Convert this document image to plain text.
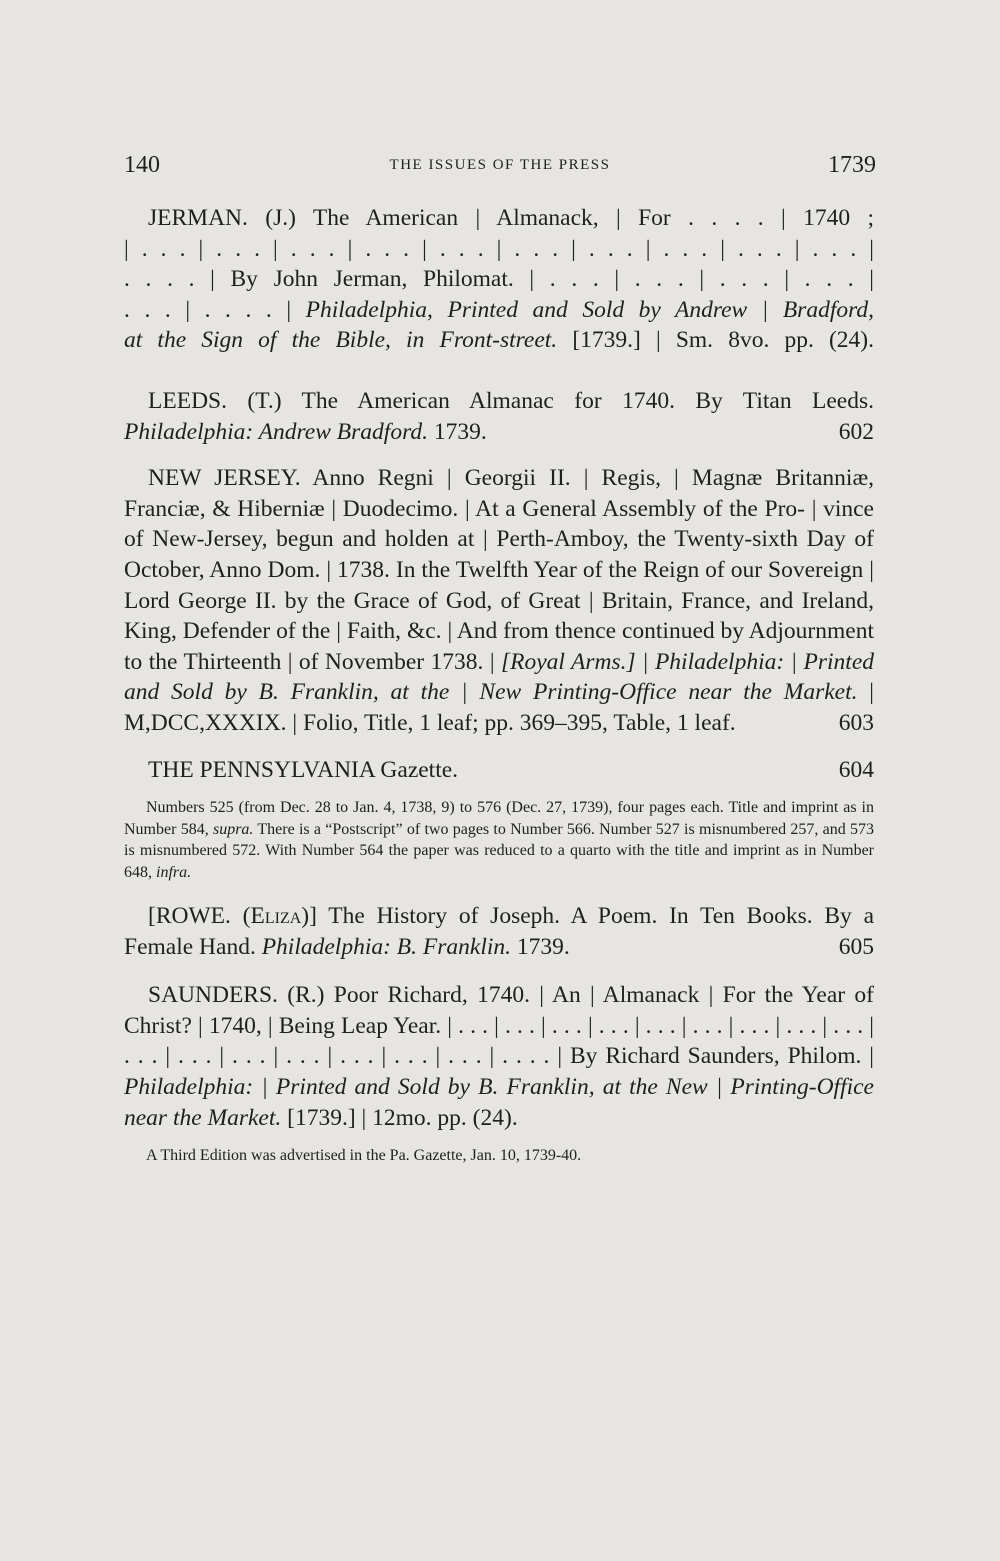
140	THE ISSUES OF THE PRESS	1739
JERMAN. (J.) The American | Almanack, | For . . . . | 1740 ;
| . . . | . . . | . . . | . . . | . . . | . . . | . . . | . . . | . . . | . . . |
. . . . | By John Jerman, Philomat. | . . . | . . . | . . . | . . . |
. . . | . . . . | Philadelphia, Printed and Sold by Andrew | Bradford,
at the Sign of the Bible, in Front-street. [1739.] | Sm. 8vo. pp. (24).

LEEDS. (T.) The American Almanac for 1740. By Titan Leeds. Philadelphia: Andrew Bradford. 1739.	602

NEW JERSEY. Anno Regni | Georgii II. | Regis, | Magnæ Britanniæ, Franciæ, & Hiberniæ | Duodecimo. | At a General Assembly of the Pro- | vince of New-Jersey, begun and holden at | Perth-Amboy, the Twenty-sixth Day of October, Anno Dom. | 1738. In the Twelfth Year of the Reign of our Sovereign | Lord George II. by the Grace of God, of Great | Britain, France, and Ireland, King, Defender of the | Faith, &c. | And from thence continued by Adjournment to the Thirteenth | of November 1738. | [Royal Arms.] | Philadelphia: | Printed and Sold by B. Franklin, at the | New Printing-Office near the Market. | M,DCC,XXXIX. | Folio, Title, 1 leaf; pp. 369–395, Table, 1 leaf.	603

THE PENNSYLVANIA Gazette.	604

Numbers 525 (from Dec. 28 to Jan. 4, 1738, 9) to 576 (Dec. 27, 1739), four pages each. Title and imprint as in Number 584, supra. There is a “Postscript” of two pages to Number 566. Number 527 is misnumbered 257, and 573 is misnumbered 572. With Number 564 the paper was reduced to a quarto with the title and imprint as in Number 648, infra.

[ROWE. (Eliza)] The History of Joseph. A Poem. In Ten Books. By a Female Hand. Philadelphia: B. Franklin. 1739.	605

SAUNDERS. (R.) Poor Richard, 1740. | An | Almanack | For the Year of Christ? | 1740, | Being Leap Year. | . . . | . . . | . . . | . . . | . . . | . . . | . . . | . . . | . . . | . . . | . . . | . . . | . . . | . . . | . . . | . . . | . . . . | By Richard Saunders, Philom. | Philadelphia: | Printed and Sold by B. Franklin, at the New | Printing-Office near the Market. [1739.] | 12mo. pp. (24).

A Third Edition was advertised in the Pa. Gazette, Jan. 10, 1739-40.
